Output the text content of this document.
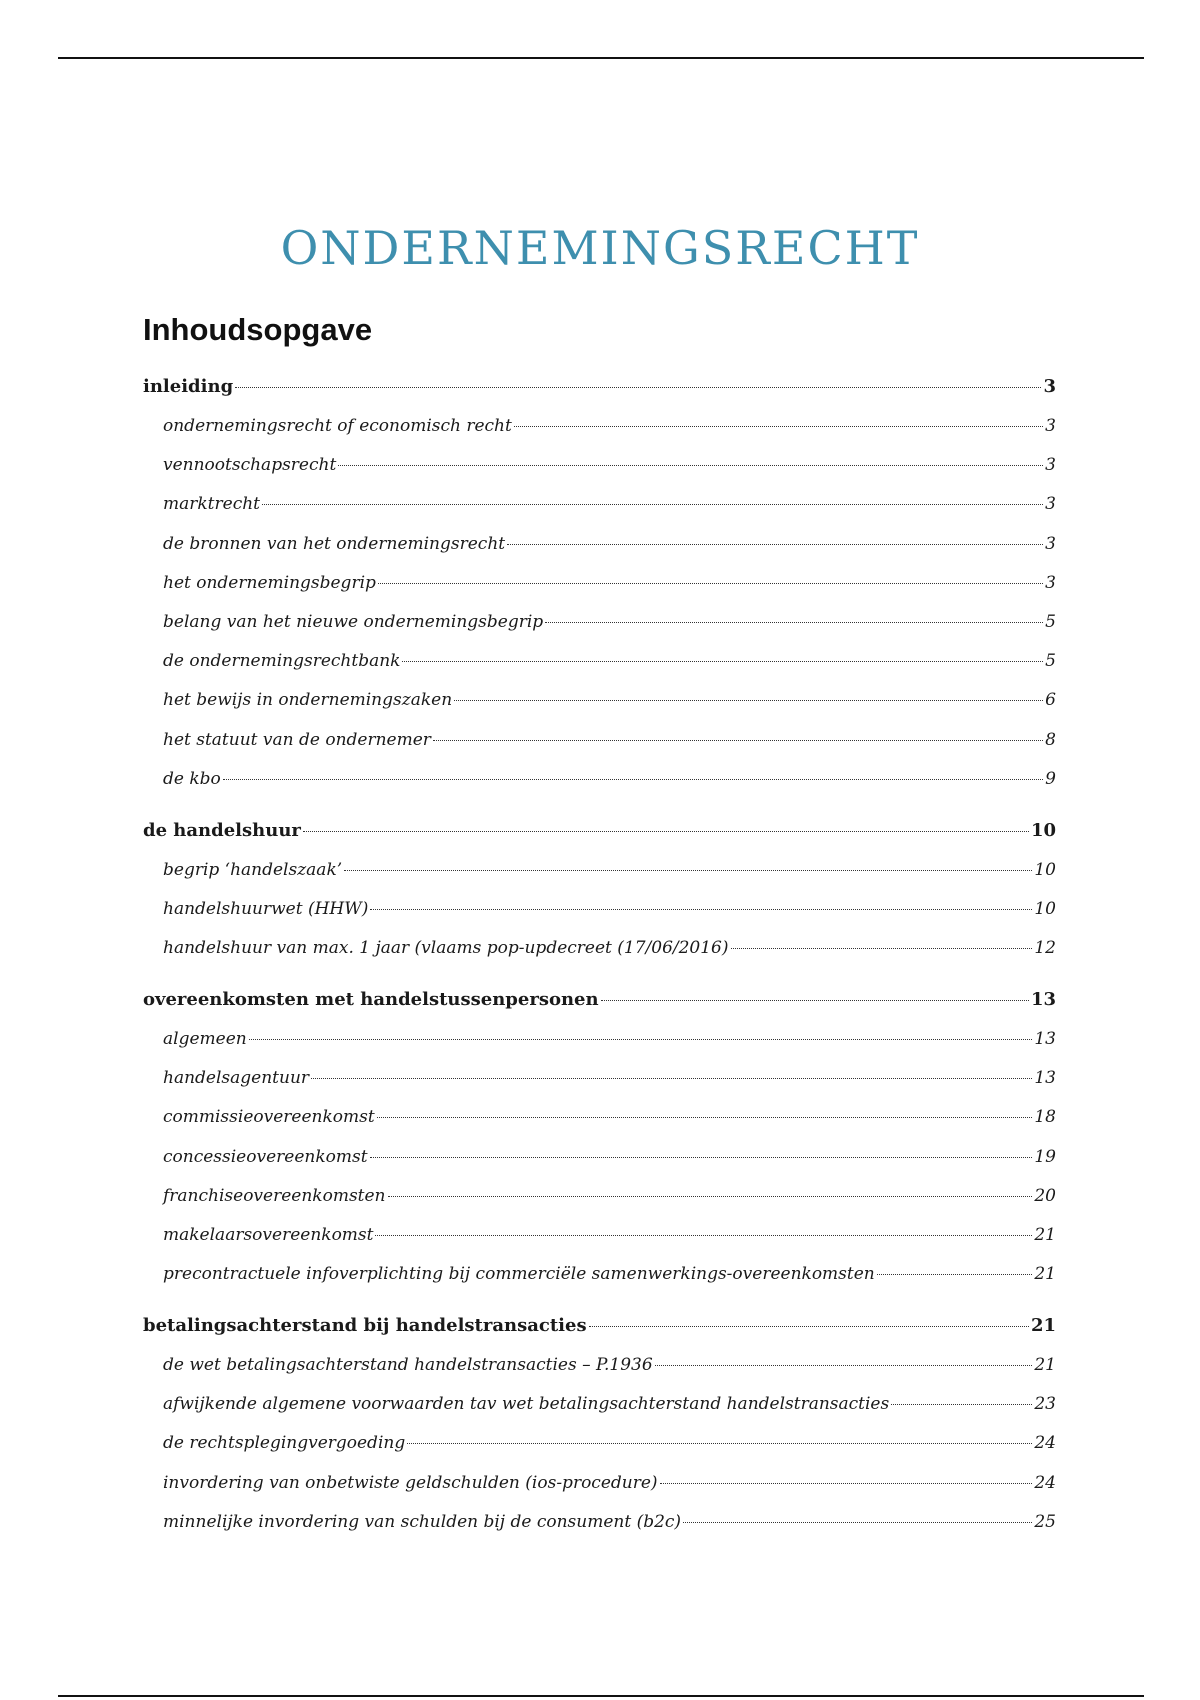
ONDERNEMINGSRECHT
Inhoudsopgave
inleiding	3
ondernemingsrecht of economisch recht	3
vennootschapsrecht	3
marktrecht	3
de bronnen van het ondernemingsrecht	3
het ondernemingsbegrip	3
belang van het nieuwe ondernemingsbegrip	5
de ondernemingsrechtbank	5
het bewijs in ondernemingszaken	6
het statuut van de ondernemer	8
de kbo	9
de handelshuur	10
begrip ‘handelszaak’	10
handelshuurwet (HHW)	10
handelshuur van max. 1 jaar (vlaams pop-updecreet (17/06/2016)	12
overeenkomsten met handelstussenpersonen	13
algemeen	13
handelsagentuur	13
commissieovereenkomst	18
concessieovereenkomst	19
franchiseovereenkomsten	20
makelaarsovereenkomst	21
precontractuele infoverplichting bij commerciële samenwerkings-overeenkomsten	21
betalingsachterstand bij handelstransacties	21
de wet betalingsachterstand handelstransacties – P.1936	21
afwijkende algemene voorwaarden tav wet betalingsachterstand handelstransacties	23
de rechtsplegingvergoeding	24
invordering van onbetwiste geldschulden (ios-procedure)	24
minnelijke invordering van schulden bij de consument (b2c)	25
